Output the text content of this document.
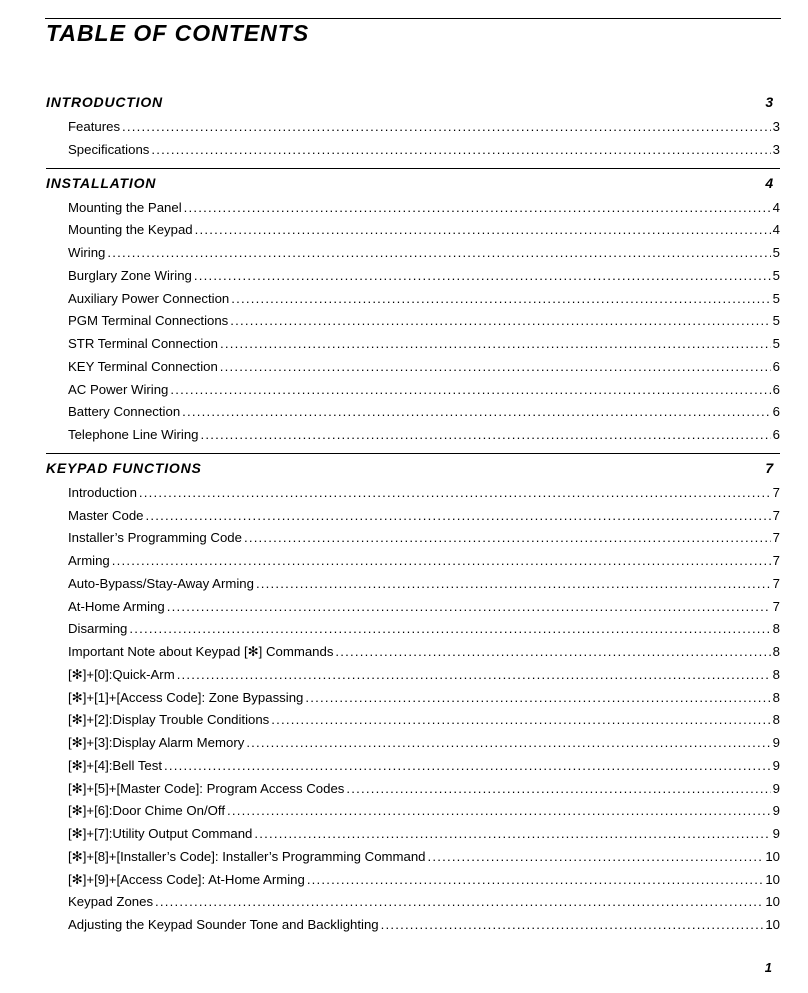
TABLE OF CONTENTS
INTRODUCTION	3
Features .....	3
Specifications .....	3
INSTALLATION	4
Mounting the Panel .....	4
Mounting the Keypad .....	4
Wiring .....	5
Burglary Zone Wiring .....	5
Auxiliary Power Connection .....	5
PGM Terminal Connections .....	5
STR Terminal Connection .....	5
KEY Terminal Connection .....	6
AC Power Wiring .....	6
Battery Connection .....	6
Telephone Line Wiring .....	6
KEYPAD FUNCTIONS	7
Introduction .....	7
Master Code .....	7
Installer’s Programming Code .....	7
Arming .....	7
Auto-Bypass/Stay-Away Arming .....	7
At-Home Arming .....	7
Disarming .....	8
Important Note about Keypad [✻] Commands .....	8
[✻]+[0]:Quick-Arm .....	8
[✻]+[1]+[Access Code]: Zone Bypassing .....	8
[✻]+[2]:Display Trouble Conditions .....	8
[✻]+[3]:Display Alarm Memory .....	9
[✻]+[4]:Bell Test .....	9
[✻]+[5]+[Master Code]: Program Access Codes .....	9
[✻]+[6]:Door Chime On/Off .....	9
[✻]+[7]:Utility Output Command .....	9
[✻]+[8]+[Installer’s Code]: Installer’s Programming Command .....	10
[✻]+[9]+[Access Code]: At-Home Arming .....	10
Keypad Zones .....	10
Adjusting the Keypad Sounder Tone and Backlighting .....	10
1
